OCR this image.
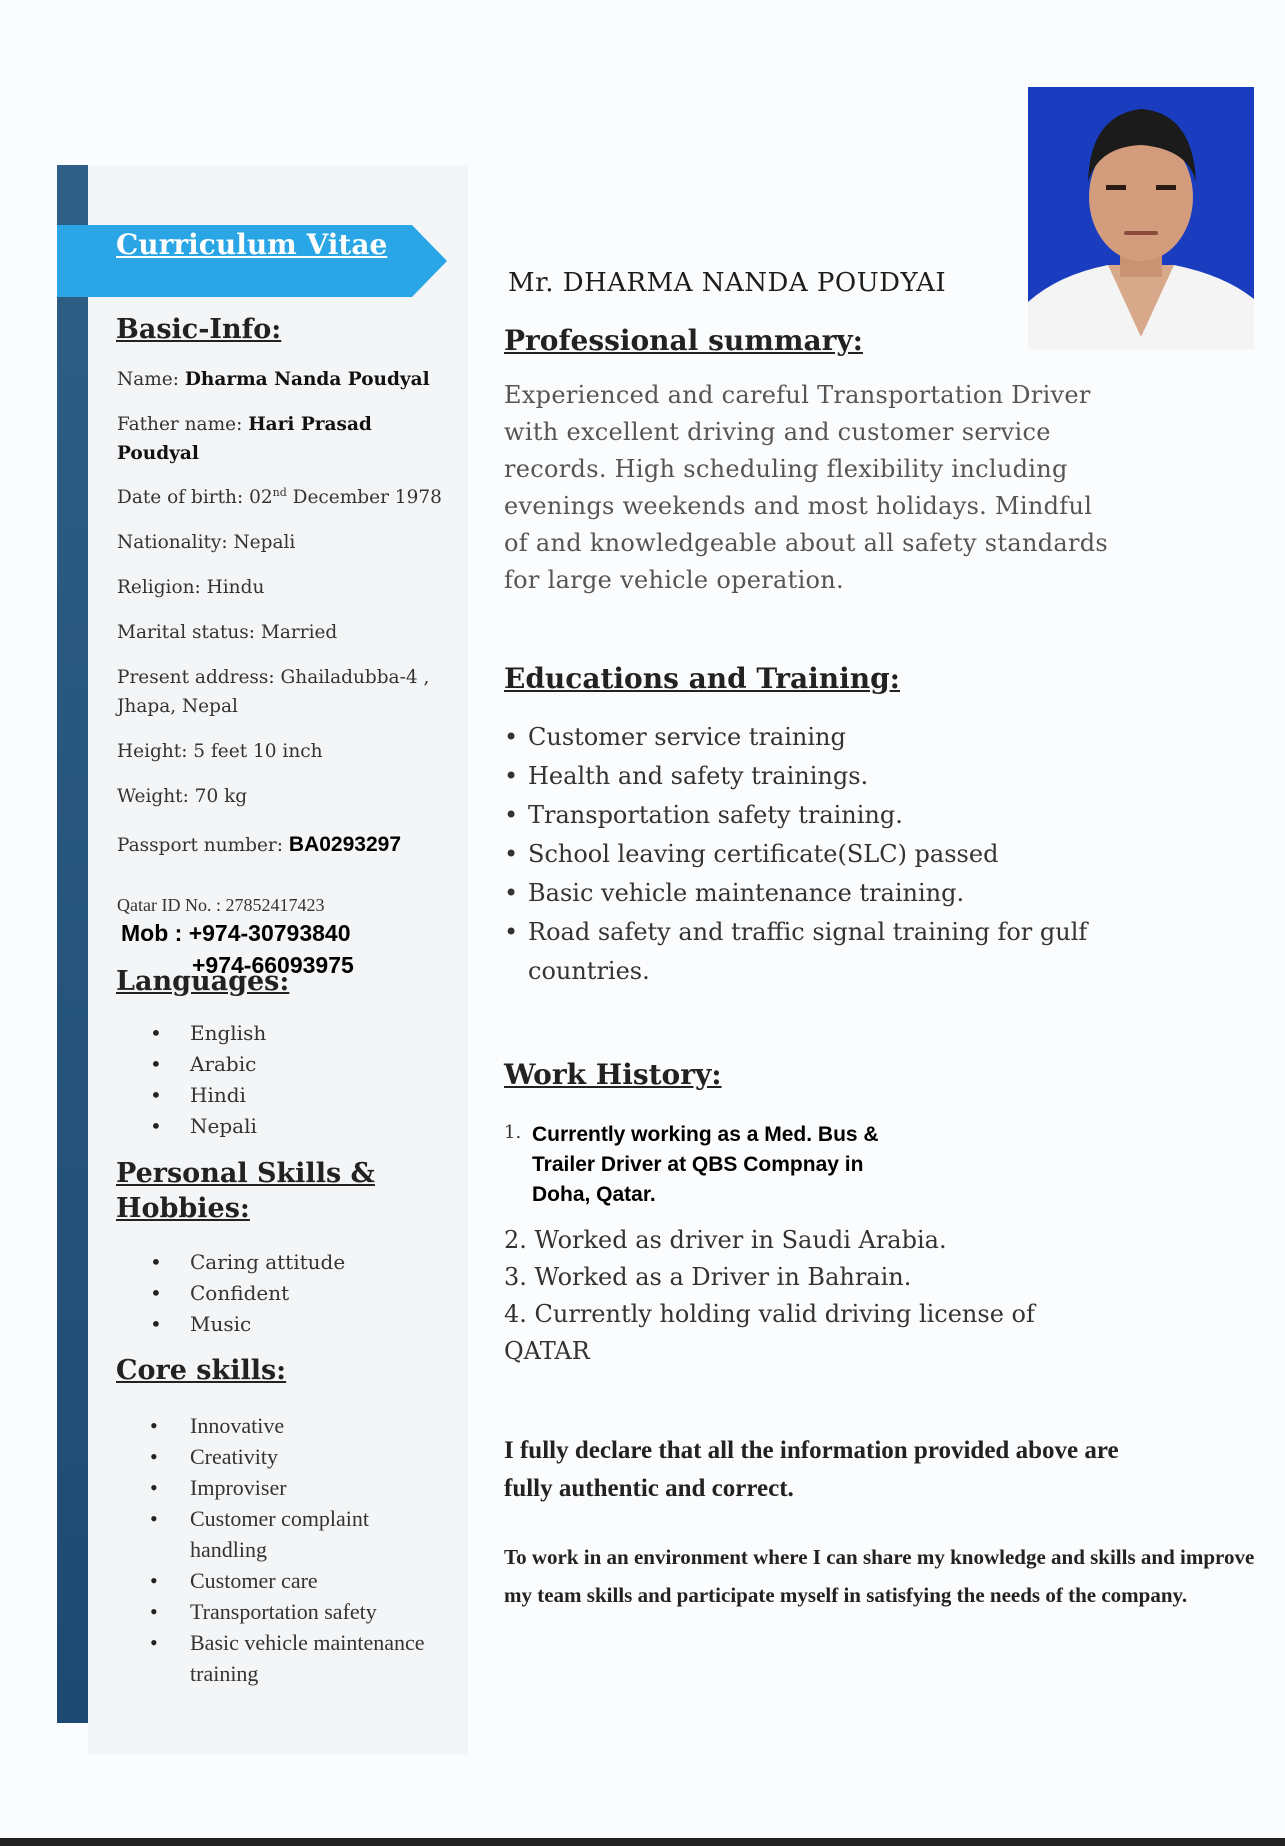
Curriculum Vitae
Basic-Info:

Name: Dharma Nanda Poudyal

Father name: Hari Prasad Poudyal

Date of birth: 02nd December 1978

Nationality: Nepali

Religion: Hindu

Marital status: Married

Present address: Ghailadubba-4 , Jhapa, Nepal

Height: 5 feet 10 inch

Weight: 70 kg

Passport number: BA0293297

Qatar ID No. : 27852417423

Languages:

Mob : +974-30793840

+974-66093975

• English
• Arabic
• Hindi
• Nepali
Personal Skills &
Hobbies:
• Caring attitude
• Confident
• Music
Core skills:
• Innovative
• Creativity
• Improviser
• Customer complaint handling
• Customer care
• Transportation safety
• Basic vehicle maintenance training

Mr. DHARMA NANDA POUDYAI

Professional summary:

Experienced and careful Transportation Driver with excellent driving and customer service records. High scheduling flexibility including evenings weekends and most holidays. Mindful of and knowledgeable about all safety standards for large vehicle operation.

Educations and Training:
• Customer service training
• Health and safety trainings.
• Transportation safety training.
• School leaving certificate(SLC) passed
• Basic vehicle maintenance training.
• Road safety and traffic signal training for gulf countries.
Work History:
1. Currently working as a Med. Bus & Trailer Driver at QBS Compnay in Doha, Qatar.
2. Worked as driver in Saudi Arabia.
3. Worked as a Driver in Bahrain.
4. Currently holding valid driving license of QATAR

I fully declare that all the information provided above are fully authentic and correct.

To work in an environment where I can share my knowledge and skills and improve my team skills and participate myself in satisfying the needs of the company.
